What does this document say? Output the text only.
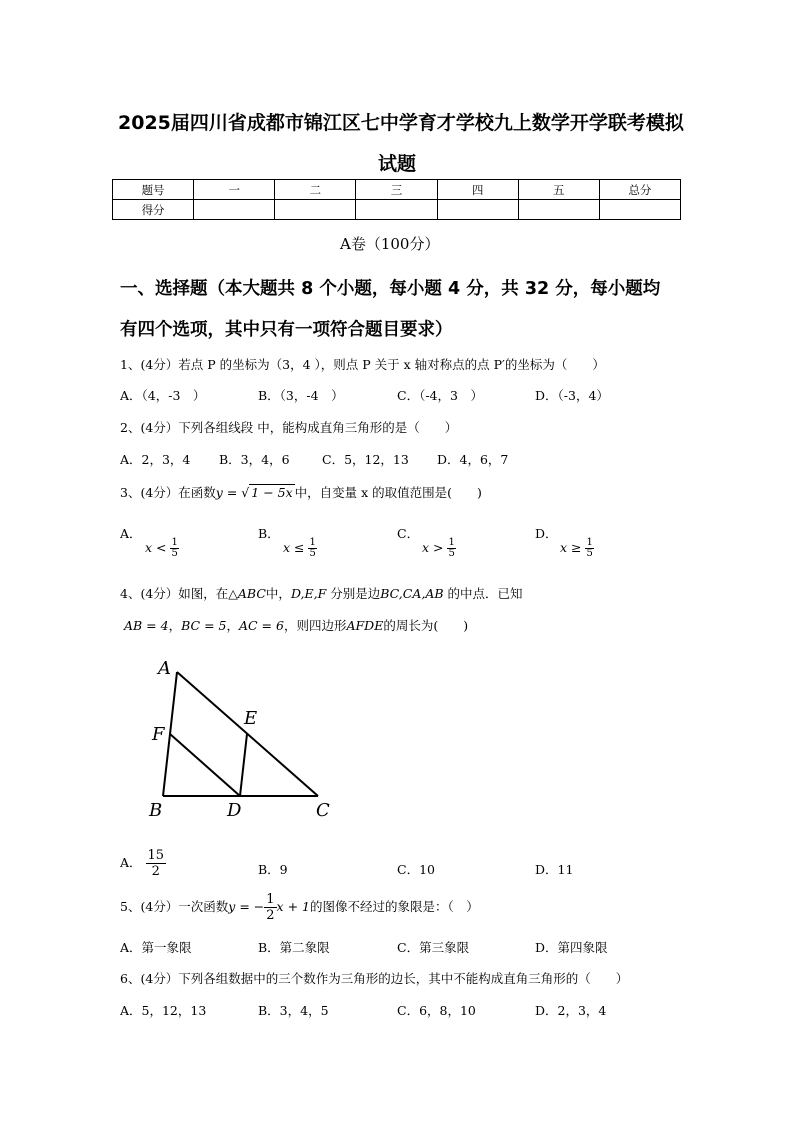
2025届四川省成都市锦江区七中学育才学校九上数学开学联考模拟
试题
题号	一	二	三	四	五	总分
得分						
A卷（100分）
一、选择题（本大题共 8 个小题，每小题 4 分，共 32 分，每小题均
有四个选项，其中只有一项符合题目要求）
1、(4分）若点 P 的坐标为（3，4 ），则点 P 关于 x 轴对称点的点 P′的坐标为（　　）
A．（4，-3　）	B．（3，-4　）	C．（-4，3　）	D．（-3，4）
2、(4分）下列各组线段 中，能构成直角三角形的是（　　）
A．2，3，4 B．3，4，6	C．5，12，13 D．4，6，7
3、(4分）在函数y = √ 1 − 5x 中，自变量 x 的取值范围是(　　)
A．
$x < \frac{1}{5}$
B．
$x \le \frac{1}{5}$
C．
$x > \frac{1}{5}$
D．
$x \ge \frac{1}{5}$
4、(4分）如图，在△ABC中，D,E,F 分别是边BC,CA,AB 的中点．已知
AB = 4，BC = 5，AC = 6，则四边形AFDE的周长为(　　)
A
F
E
B	D	C
A． $\frac{15}{2}$	B．9	C．10	D．11
5、(4分）一次函数y = − $\frac{1}{2}$ x + 1的图像不经过的象限是：（　）
A．第一象限	B．第二象限	C．第三象限	D．第四象限
6、(4分）下列各组数据中的三个数作为三角形的边长，其中不能构成直角三角形的（　　）
A．5，12，13	B．3，4，5	C．6，8，10	D．2，3，4
